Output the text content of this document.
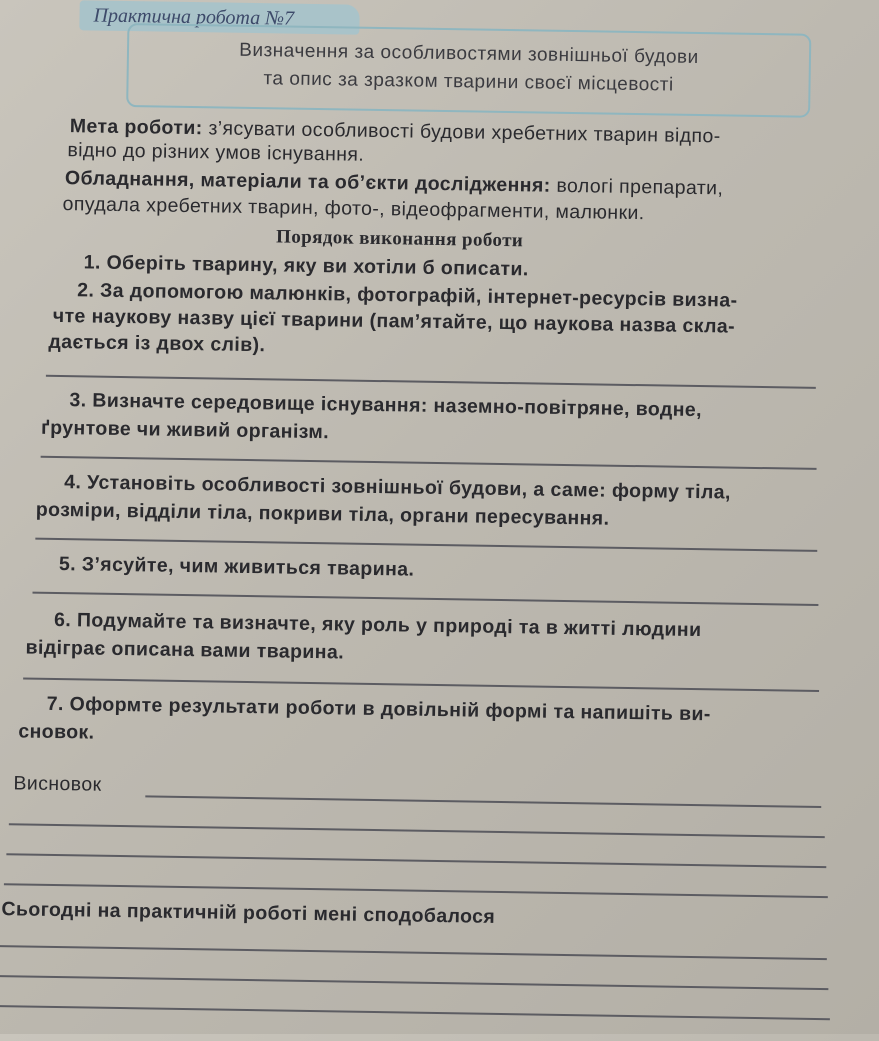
Практична робота №7
Визначення за особливостями зовнішньої будови
та опис за зразком тварини своєї місцевості
Мета роботи: з’ясувати особливості будови хребетних тварин відпо-
відно до різних умов існування.
Обладнання, матеріали та об’єкти дослідження: вологі препарати,
опудала хребетних тварин, фото-, відеофрагменти, малюнки.
Порядок виконання роботи
1. Оберіть тварину, яку ви хотіли б описати.
2. За допомогою малюнків, фотографій, інтернет-ресурсів визна-
чте наукову назву цієї тварини (пам’ятайте, що наукова назва скла-
дається із двох слів).
3. Визначте середовище існування: наземно-повітряне, водне,
ґрунтове чи живий організм.
4. Установіть особливості зовнішньої будови, а саме: форму тіла,
розміри, відділи тіла, покриви тіла, органи пересування.
5. З’ясуйте, чим живиться тварина.
6. Подумайте та визначте, яку роль у природі та в житті людини
відіграє описана вами тварина.
7. Оформте результати роботи в довільній формі та напишіть ви-
сновок.
Висновок
Сьогодні на практичній роботі мені сподобалося
